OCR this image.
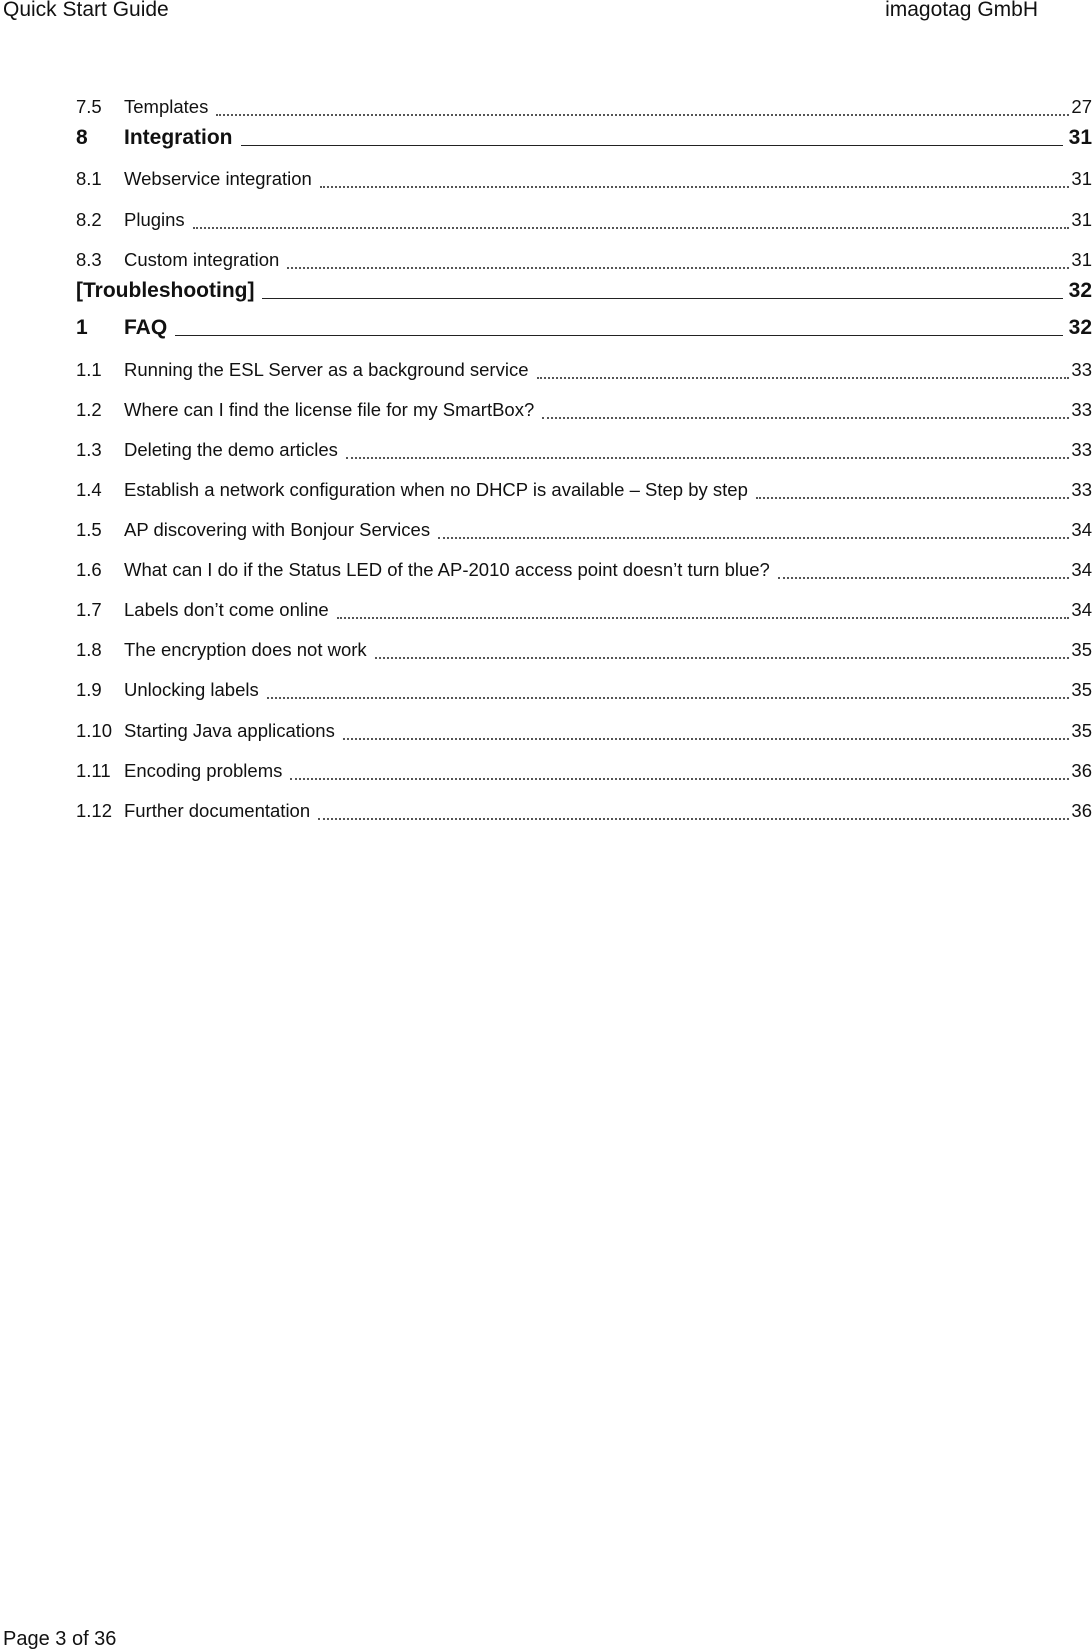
Quick Start Guide	imagotag GmbH
7.5	Templates	27
8	Integration	31
8.1	Webservice integration	31
8.2	Plugins	31
8.3	Custom integration	31
[Troubleshooting]	32
1	FAQ	32
1.1	Running the ESL Server as a background service	33
1.2	Where can I find the license file for my SmartBox?	33
1.3	Deleting the demo articles	33
1.4	Establish a network configuration when no DHCP is available – Step by step	33
1.5	AP discovering with Bonjour Services	34
1.6	What can I do if the Status LED of the AP-2010 access point doesn’t turn blue?	34
1.7	Labels don’t come online	34
1.8	The encryption does not work	35
1.9	Unlocking labels	35
1.10 Starting Java applications	35
1.11 Encoding problems	36
1.12 Further documentation	36
Page 3 of 36
